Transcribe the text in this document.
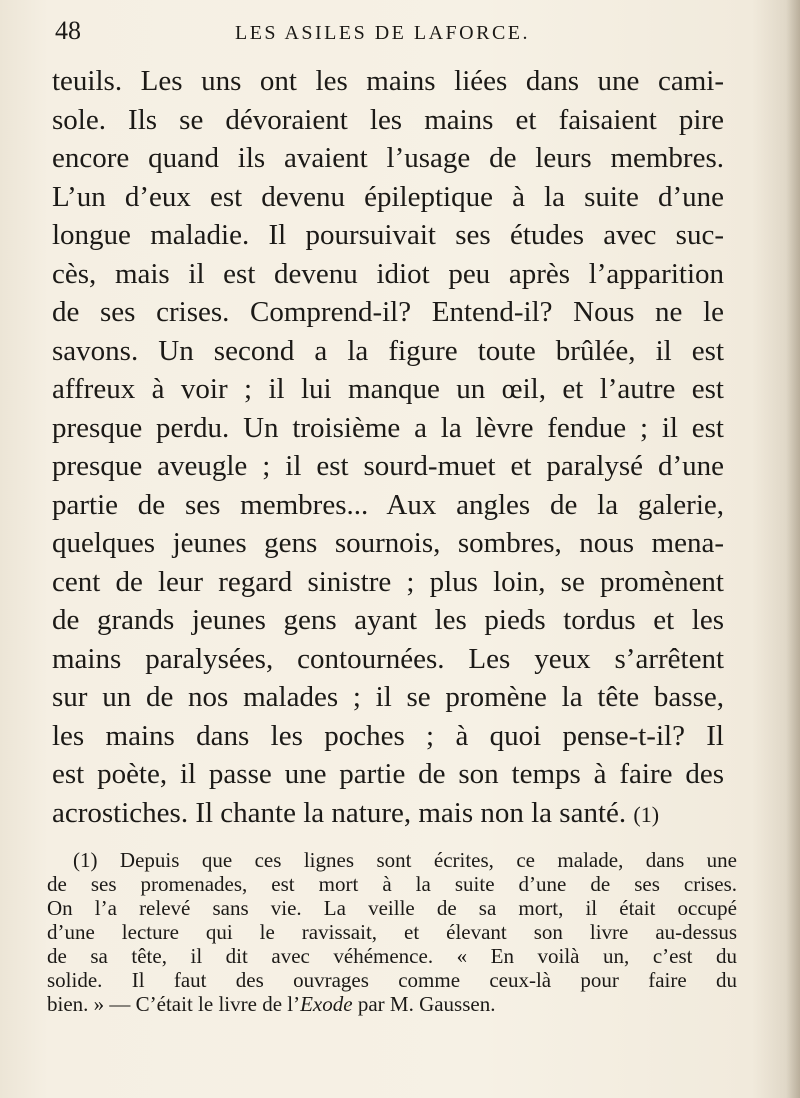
48	LES ASILES DE LAFORCE.
teuils. Les uns ont les mains liées dans une cami-
sole. Ils se dévoraient les mains et faisaient pire
encore quand ils avaient l’usage de leurs membres.
L’un d’eux est devenu épileptique à la suite d’une
longue maladie. Il poursuivait ses études avec suc-
cès, mais il est devenu idiot peu après l’apparition
de ses crises. Comprend-il? Entend-il? Nous ne le
savons. Un second a la figure toute brûlée, il est
affreux à voir ; il lui manque un œil, et l’autre est
presque perdu. Un troisième a la lèvre fendue ; il est
presque aveugle ; il est sourd-muet et paralysé d’une
partie de ses membres... Aux angles de la galerie,
quelques jeunes gens sournois, sombres, nous mena-
cent de leur regard sinistre ; plus loin, se promènent
de grands jeunes gens ayant les pieds tordus et les
mains paralysées, contournées. Les yeux s’arrêtent
sur un de nos malades ; il se promène la tête basse,
les mains dans les poches ; à quoi pense-t-il? Il
est poète, il passe une partie de son temps à faire des
acrostiches. Il chante la nature, mais non la santé. (1)
(1) Depuis que ces lignes sont écrites, ce malade, dans une
de ses promenades, est mort à la suite d’une de ses crises.
On l’a relevé sans vie. La veille de sa mort, il était occupé
d’une lecture qui le ravissait, et élevant son livre au-dessus
de sa tête, il dit avec véhémence. « En voilà un, c’est du
solide. Il faut des ouvrages comme ceux-là pour faire du
bien. » — C’était le livre de l’Exode par M. Gaussen.
